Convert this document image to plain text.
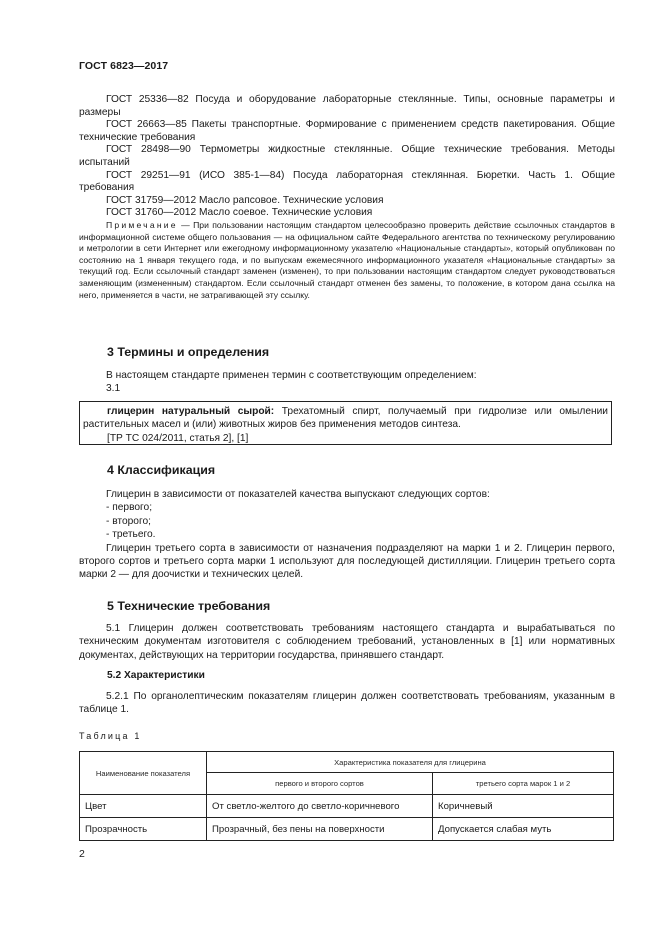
ГОСТ 6823—2017
ГОСТ 25336—82 Посуда и оборудование лабораторные стеклянные. Типы, основные параметры и размеры
ГОСТ 26663—85 Пакеты транспортные. Формирование с применением средств пакетирования. Общие технические требования
ГОСТ 28498—90 Термометры жидкостные стеклянные. Общие технические требования. Методы испытаний
ГОСТ 29251—91 (ИСО 385-1—84) Посуда лабораторная стеклянная. Бюретки. Часть 1. Общие требования
ГОСТ 31759—2012 Масло рапсовое. Технические условия
ГОСТ 31760—2012 Масло соевое. Технические условия
Примечание — При пользовании настоящим стандартом целесообразно проверить действие ссылочных стандартов в информационной системе общего пользования — на официальном сайте Федерального агентства по техническому регулированию и метрологии в сети Интернет или ежегодному информационному указателю «Национальные стандарты», который опубликован по состоянию на 1 января текущего года, и по выпускам ежемесячного информационного указателя «Национальные стандарты» за текущий год. Если ссылочный стандарт заменен (изменен), то при пользовании настоящим стандартом следует руководствоваться заменяющим (измененным) стандартом. Если ссылочный стандарт отменен без замены, то положение, в котором дана ссылка на него, применяется в части, не затрагивающей эту ссылку.
3 Термины и определения
В настоящем стандарте применен термин с соответствующим определением:
3.1
глицерин натуральный сырой: Трехатомный спирт, получаемый при гидролизе или омылении растительных масел и (или) животных жиров без применения методов синтеза.
[ТР ТС 024/2011, статья 2], [1]
4 Классификация
Глицерин в зависимости от показателей качества выпускают следующих сортов:
- первого;
- второго;
- третьего.
Глицерин третьего сорта в зависимости от назначения подразделяют на марки 1 и 2. Глицерин первого, второго сортов и третьего сорта марки 1 используют для последующей дистилляции. Глицерин третьего сорта марки 2 — для доочистки и технических целей.
5 Технические требования
5.1 Глицерин должен соответствовать требованиям настоящего стандарта и вырабатываться по техническим документам изготовителя с соблюдением требований, установленных в [1] или нормативных документах, действующих на территории государства, принявшего стандарт.
5.2 Характеристики
5.2.1 По органолептическим показателям глицерин должен соответствовать требованиям, указанным в таблице 1.
Таблица 1
Наименование показателя	Характеристика показателя для глицерина	
	первого и второго сортов	третьего сорта марок 1 и 2
Цвет	От светло-желтого до светло-коричневого	Коричневый
Прозрачность	Прозрачный, без пены на поверхности	Допускается слабая муть
2
